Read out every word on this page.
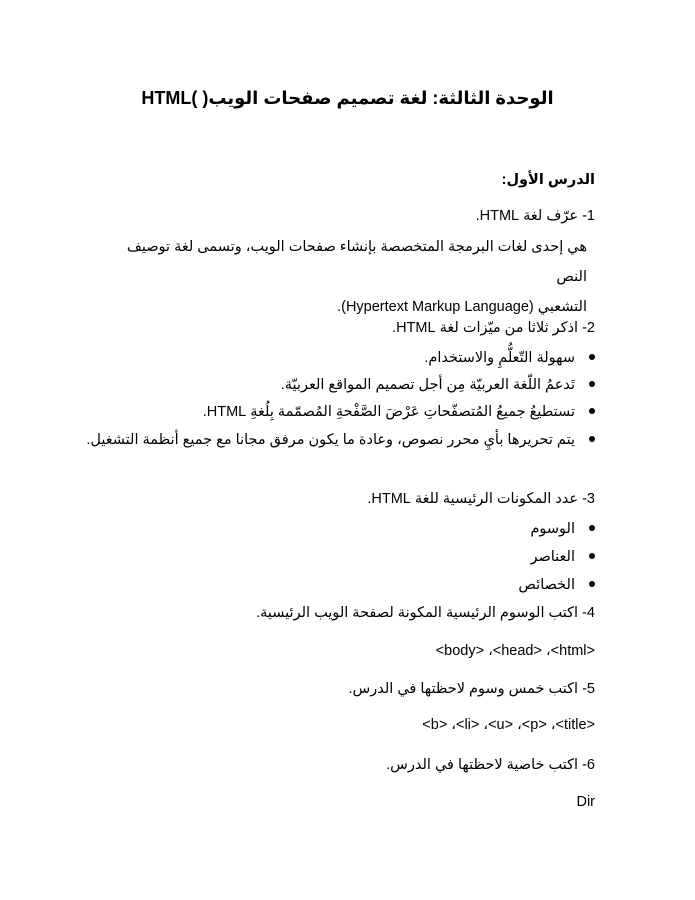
الوحدة الثالثة: لغة تصميم صفحات الويب( )HTML
الدرس الأول:
1- عرّف لغة HTML.
هي إحدى لغات البرمجة المتخصصة بإنشاء صفحات الويب، وتسمى لغة توصيف النص
التشعبي (Hypertext Markup Language).
2- اذكر ثلاثا من ميّزات لغة HTML.
سهولة التّعلُّمِ والاستخدام.
تَدعمُ اللّغة العربيّة مِن أجل تصميم المواقع العربيّة.
تستطيعُ جميعُ المُتصفّحاتِ عَرْضَ الصَّفْحةِ المُصمّمة بِلُغةِ HTML.
يتم تحريرها بأيِ محرر نصوص، وعادة ما يكون مرفق مجانا مع جميع أنظمة التشغيل.
3- عدد المكونات الرئيسية للغة HTML.
الوسوم
العناصر
الخصائص
4- اكتب الوسوم الرئيسية المكونة لصفحة الويب الرئيسية.
<body> ،<head> ،<html>
5- اكتب خمس وسوم لاحظتها في الدرس.
<b> ،<li> ،<u> ،<p> ،<title>
6- اكتب خاصية لاحظتها في الدرس.
Dir
